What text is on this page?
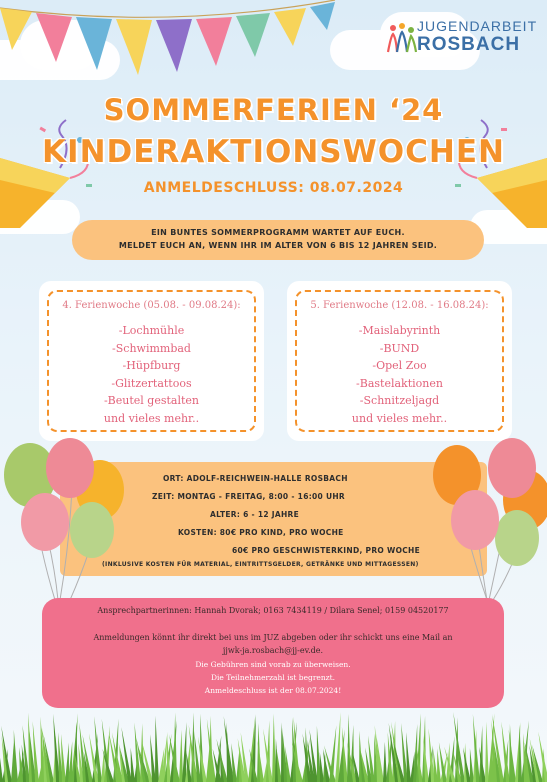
JUGENDARBEIT
ROSBACH
SOMMERFERIEN ‘24
KINDERAKTIONSWOCHEN
ANMELDESCHLUSS: 08.07.2024
EIN BUNTES SOMMERPROGRAMM WARTET AUF EUCH.
MELDET EUCH AN, WENN IHR IM ALTER VON 6 BIS 12 JAHREN SEID.
4. Ferienwoche (05.08. - 09.08.24):
-Lochmühle
-Schwimmbad
-Hüpfburg
-Glitzertattoos
-Beutel gestalten
und vieles mehr..
5. Ferienwoche (12.08. - 16.08.24):
-Maislabyrinth
-BUND
-Opel Zoo
-Bastelaktionen
-Schnitzeljagd
und vieles mehr..
ORT: ADOLF-REICHWEIN-HALLE ROSBACH
ZEIT: MONTAG - FREITAG, 8:00 - 16:00 UHR
ALTER: 6 - 12 JAHRE
KOSTEN: 80€ PRO KIND, PRO WOCHE
60€ PRO GESCHWISTERKIND, PRO WOCHE
(INKLUSIVE KOSTEN FÜR MATERIAL, EINTRITTSGELDER, GETRÄNKE UND MITTAGESSEN)
Ansprechpartnerinnen: Hannah Dvorak; 0163 7434119 / Dilara Senel; 0159 04520177
Anmeldungen könnt ihr direkt bei uns im JUZ abgeben oder ihr schickt uns eine Mail an
jjwk-ja.rosbach@jj-ev.de.
Die Gebühren sind vorab zu überweisen.
Die Teilnehmerzahl ist begrenzt.
Anmeldeschluss ist der 08.07.2024!
